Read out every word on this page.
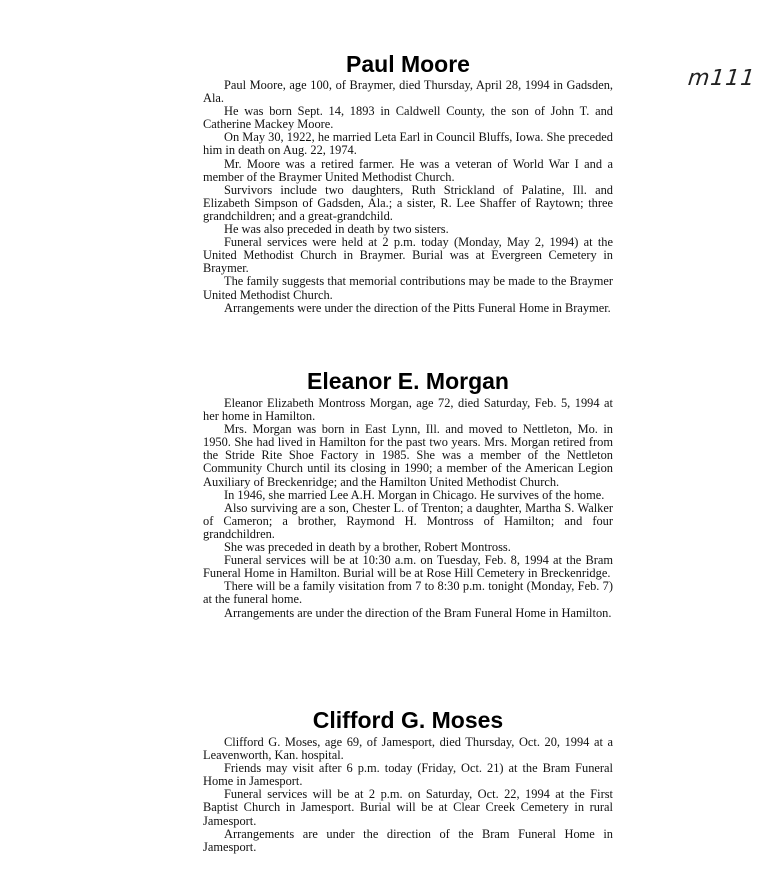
m111
Paul Moore

Paul Moore, age 100, of Braymer, died Thursday, April 28, 1994 in Gadsden, Ala.

He was born Sept. 14, 1893 in Caldwell County, the son of John T. and Catherine Mackey Moore.

On May 30, 1922, he married Leta Earl in Council Bluffs, Iowa. She preceded him in death on Aug. 22, 1974.

Mr. Moore was a retired farmer. He was a veteran of World War I and a member of the Braymer United Methodist Church.

Survivors include two daughters, Ruth Strickland of Palatine, Ill. and Elizabeth Simpson of Gadsden, Ala.; a sister, R. Lee Shaffer of Raytown; three grandchildren; and a great-grandchild.

He was also preceded in death by two sisters.

Funeral services were held at 2 p.m. today (Monday, May 2, 1994) at the United Methodist Church in Braymer. Burial was at Evergreen Cemetery in Braymer.

The family suggests that memorial contributions may be made to the Braymer United Methodist Church.

Arrangements were under the direction of the Pitts Funeral Home in Braymer.

Eleanor E. Morgan

Eleanor Elizabeth Montross Morgan, age 72, died Saturday, Feb. 5, 1994 at her home in Hamilton.

Mrs. Morgan was born in East Lynn, Ill. and moved to Nettleton, Mo. in 1950. She had lived in Hamilton for the past two years. Mrs. Morgan retired from the Stride Rite Shoe Factory in 1985. She was a member of the Nettleton Community Church until its closing in 1990; a member of the American Legion Auxiliary of Breckenridge; and the Hamilton United Methodist Church.

In 1946, she married Lee A.H. Morgan in Chicago. He survives of the home.

Also surviving are a son, Chester L. of Trenton; a daughter, Martha S. Walker of Cameron; a brother, Raymond H. Montross of Hamilton; and four grandchildren.

She was preceded in death by a brother, Robert Montross.

Funeral services will be at 10:30 a.m. on Tuesday, Feb. 8, 1994 at the Bram Funeral Home in Hamilton. Burial will be at Rose Hill Cemetery in Breckenridge.

There will be a family visitation from 7 to 8:30 p.m. tonight (Monday, Feb. 7) at the funeral home.

Arrangements are under the direction of the Bram Funeral Home in Hamilton.

Clifford G. Moses

Clifford G. Moses, age 69, of Jamesport, died Thursday, Oct. 20, 1994 at a Leavenworth, Kan. hospital.

Friends may visit after 6 p.m. today (Friday, Oct. 21) at the Bram Funeral Home in Jamesport.

Funeral services will be at 2 p.m. on Saturday, Oct. 22, 1994 at the First Baptist Church in Jamesport. Burial will be at Clear Creek Cemetery in rural Jamesport.

Arrangements are under the direction of the Bram Funeral Home in Jamesport.
